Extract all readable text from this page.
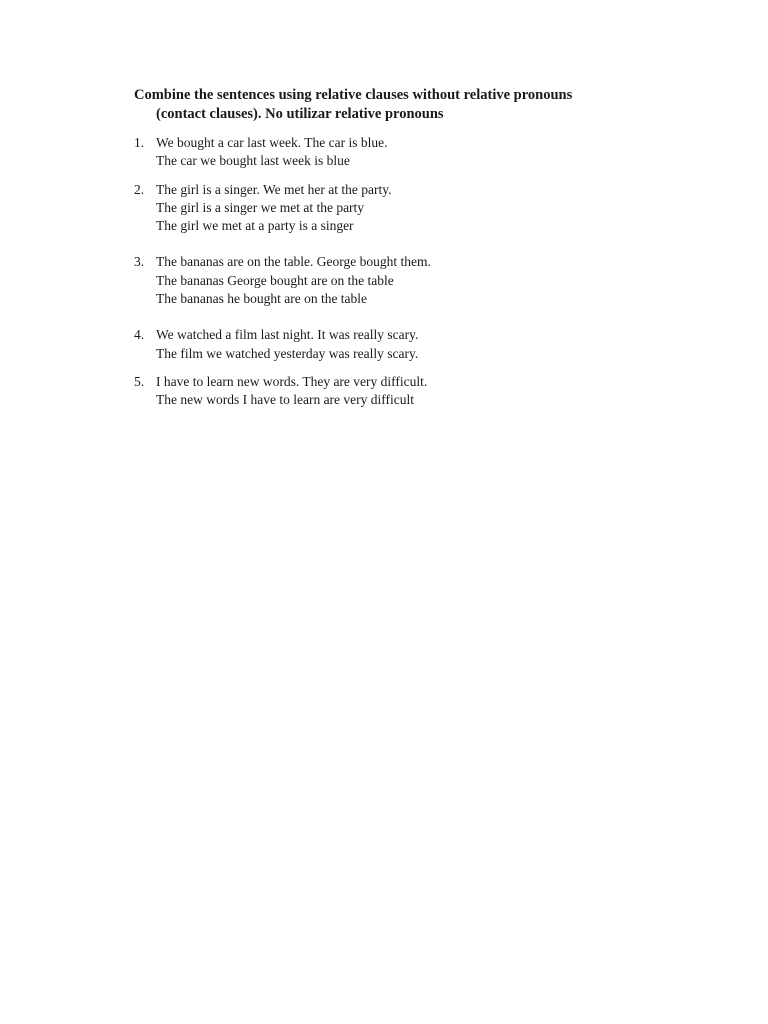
Combine the sentences using relative clauses without relative pronouns
(contact clauses). No utilizar relative pronouns
1. We bought a car last week. The car is blue.
The car we bought last week is blue
2. The girl is a singer. We met her at the party.
The girl is a singer we met at the party
The girl we met at a party is a singer
3. The bananas are on the table. George bought them.
The bananas George bought are on the table
The bananas he bought are on the table
4. We watched a film last night. It was really scary.
The film we watched yesterday was really scary.
5. I have to learn new words. They are very difficult.
The new words I have to learn are very difficult
